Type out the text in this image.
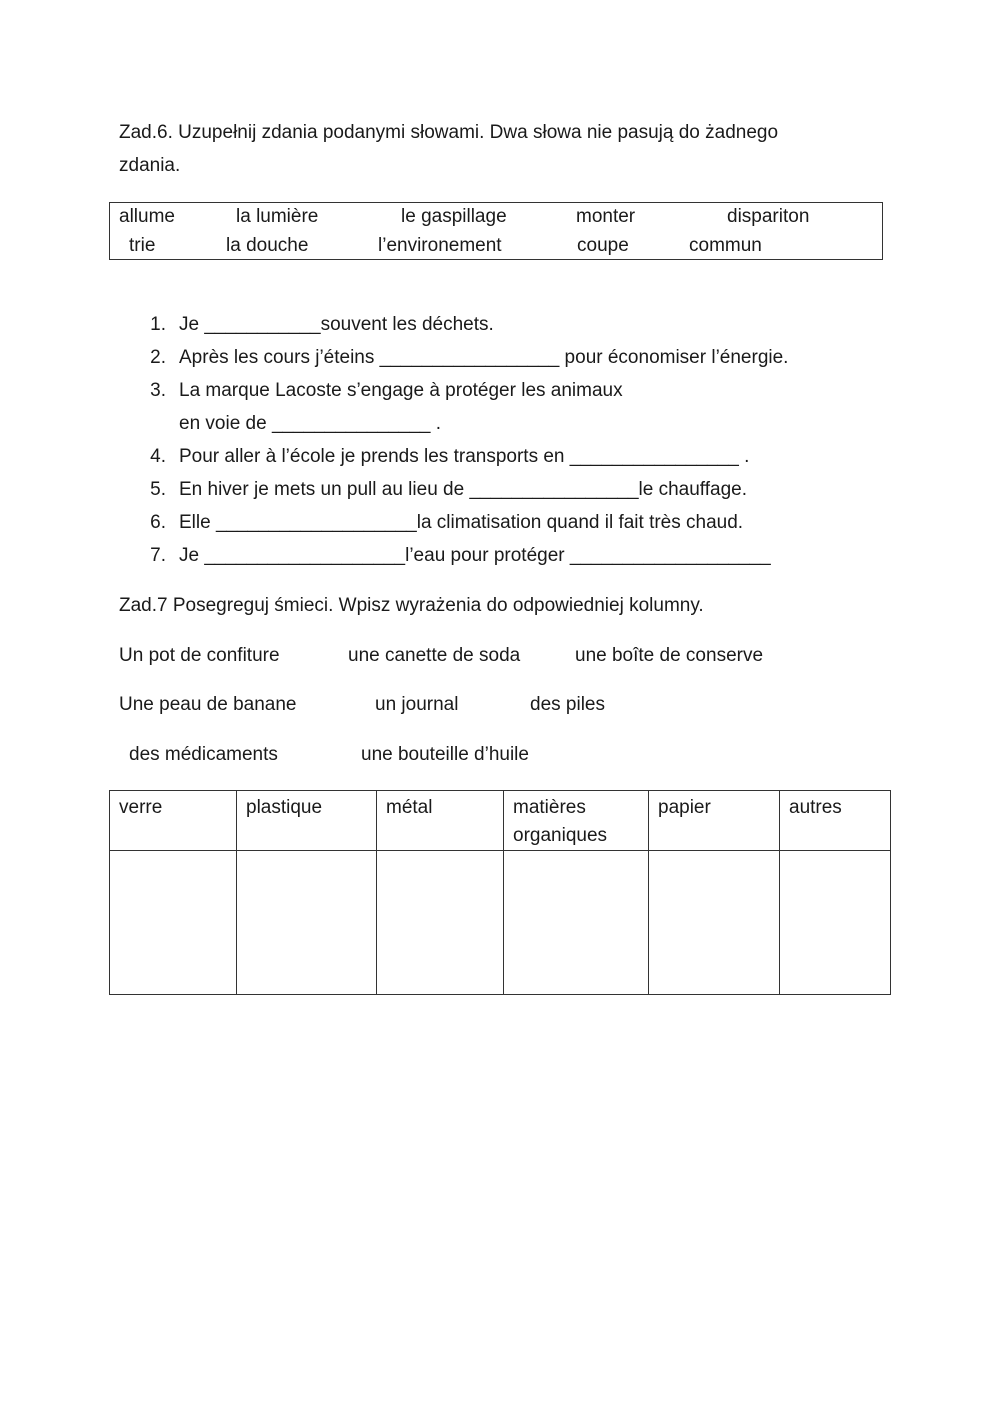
Zad.6. Uzupełnij zdania podanymi słowami. Dwa słowa nie pasują do żadnego
zdania.
allume	la lumière	le gaspillage	monter	dispariton
trie	la douche	l’environement	coupe	commun
1. Je ___________souvent les déchets.
2. Après les cours j’éteins _________________ pour économiser l’énergie.
3. La marque Lacoste s’engage à protéger les animaux
en voie de _______________ .
4. Pour aller à l’école je prends les transports en ________________ .
5. En hiver je mets un pull au lieu de ________________le chauffage.
6. Elle ___________________la climatisation quand il fait très chaud.
7. Je ___________________l’eau pour protéger ___________________
Zad.7 Posegreguj śmieci. Wpisz wyrażenia do odpowiedniej kolumny.
Un pot de confiture	une canette de soda	une boîte de conserve
Une peau de banane	un journal	des piles
des médicaments	une bouteille d’huile
verre	plastique	métal	matières organiques	papier	autres
